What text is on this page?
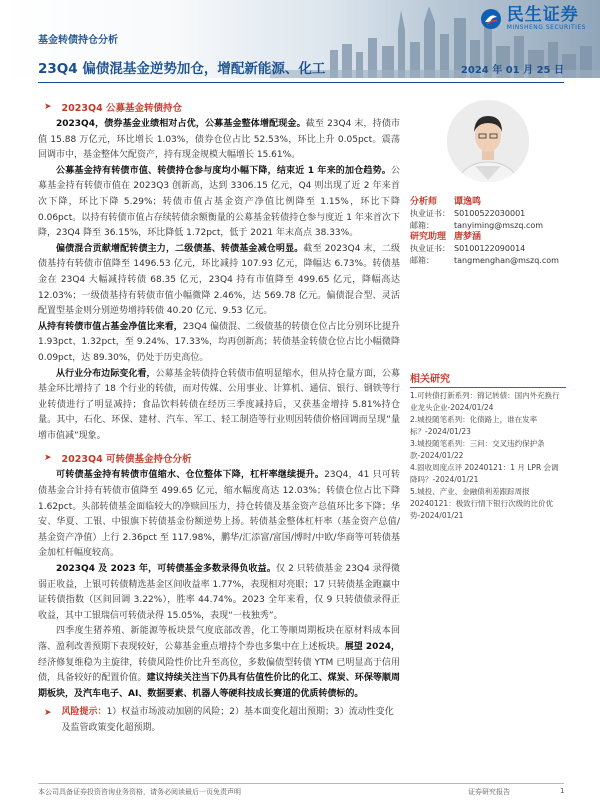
民生证券
MINSHENG SECURITIES
基金转债持仓分析
23Q4 偏债混基金逆势加仓，增配新能源、化工	2024 年 01 月 25 日
➤ 2023Q4 公募基金转债持仓

2023Q4，债券基金业绩相对占优，公募基金整体增配现金。截至 23Q4 末，持债市值 15.88 万亿元，环比增长 1.03%，债券仓位占比 52.53%，环比上升 0.05pct。震荡回调市中，基金整体欠配资产，持有现金规模大幅增长 15.61%。

公募基金持有转债市值、转债持仓参与度均小幅下降，结束近 1 年来的加仓趋势。公募基金持有转债市值在 2023Q3 创新高，达到 3306.15 亿元，Q4 则出现了近 2 年来首次下降，环比下降 5.29%；转债市值占基金资产净值比例降至 1.15%，环比下降 0.06pct。以持有转债市值占存续转债余额衡量的公募基金转债持仓参与度近 1 年来首次下降，23Q4 降至 36.15%，环比降低 1.72pct，低于 2021 年末高点 38.33%。

偏债混合贡献增配转债主力，二级债基、转债基金减仓明显。截至 2023Q4 末，二级债基持有转债市值降至 1496.53 亿元，环比减持 107.93 亿元，降幅达 6.73%。转债基金在 23Q4 大幅减持转债 68.35 亿元，23Q4 持有市值降至 499.65 亿元，降幅高达 12.03%；一级债基持有转债市值小幅微降 2.46%，达 569.78 亿元。偏债混合型、灵活配置型基金则分别逆势增持转债 40.20 亿元、9.53 亿元。

从持有转债市值占基金净值比来看，23Q4 偏债混、二级债基的转债仓位占比分别环比提升 1.93pct、1.32pct，至 9.24%、17.33%，均再创新高；转债基金转债仓位占比小幅微降 0.09pct，达 89.30%，仍处于历史高位。

从行业分布边际变化看，公募基金转债持仓转债市值明显缩水，但从持仓量方面，公募基金环比增持了 18 个行业的转债，而对传媒、公用事业、计算机、通信、银行、钢铁等行业转债进行了明显减持；食品饮料转债在经历三季度减持后，又获基金增持 5.81%持仓量。其中，石化、环保、建材、汽车、军工、轻工制造等行业则因转债价格回调而呈现“量增市值减”现象。

➤ 2023Q4 可转债基金持仓分析

可转债基金持有转债市值缩水、仓位整体下降，杠杆率继续提升。23Q4，41 只可转债基金合计持有转债市值降至 499.65 亿元，缩水幅度高达 12.03%；转债仓位占比下降 1.62pct。头部转债基金面临较大的净赎回压力，持仓转债及基金资产总值环比多下降；华安、华夏、工银、中银旗下转债基金份额逆势上扬。转债基金整体杠杆率（基金资产总值/基金资产净值）上行 2.36pct 至 117.98%，鹏华/汇添富/富国/博时/中欧/华商等可转债基金加杠杆幅度较高。

2023Q4 及 2023 年，可转债基金多数录得负收益。仅 2 只转债基金 23Q4 录得微弱正收益，上银可转债精选基金区间收益率 1.77%，表现相对亮眼；17 只转债基金跑赢中证转债指数（区间回调 3.22%），胜率 44.74%。2023 全年来看，仅 9 只转债债录得正收益，其中工银瑞信可转债录得 15.05%，表现“一枝独秀”。

四季度生猪养殖、新能源等板块景气度底部改善，化工等顺周期板块在原材料成本回落、盈利改善预期下表现较好，公募基金重点增持个券也多集中在上述板块。展望 2024，经济修复维稳为主旋律，转债风险性价比升至高位，多数偏债型转债 YTM 已明显高于信用债，具备较好的配置价值。建议持续关注当下仍具有估值性价比的化工、煤炭、环保等顺周期板块，及汽车电子、AI、数据要素、机器人等硬科技成长赛道的优质转债标的。

➤ 风险提示：1）权益市场波动加剧的风险；2）基本面变化超出预期；3）流动性变化及监管政策变化超预期。
分析师	谭逸鸣
执业证书： S0100522030001
邮箱：	tanyiming@mszq.com
研究助理 唐梦涵
执业证书： S0100122090014
邮箱：	tangmenghan@mszq.com
相关研究
1.可转债打新系列：锦记转债：国内外充换行业龙头企业-2024/01/24
2.城投随笔系列：化债路上，谁在发率标？-2024/01/23
3.城投随笔系列：三问：交叉违约保护条款-2024/01/22
4.固收周度点评 20240121：1 月 LPR 会调降吗？-2024/01/21
5.城投、产业、金融债利差跟踪周报 20240121：极致行情下银行次级的比价优势-2024/01/21
本公司具备证券投资咨询业务资格，请务必阅读最后一页免责声明	证券研究报告	1
